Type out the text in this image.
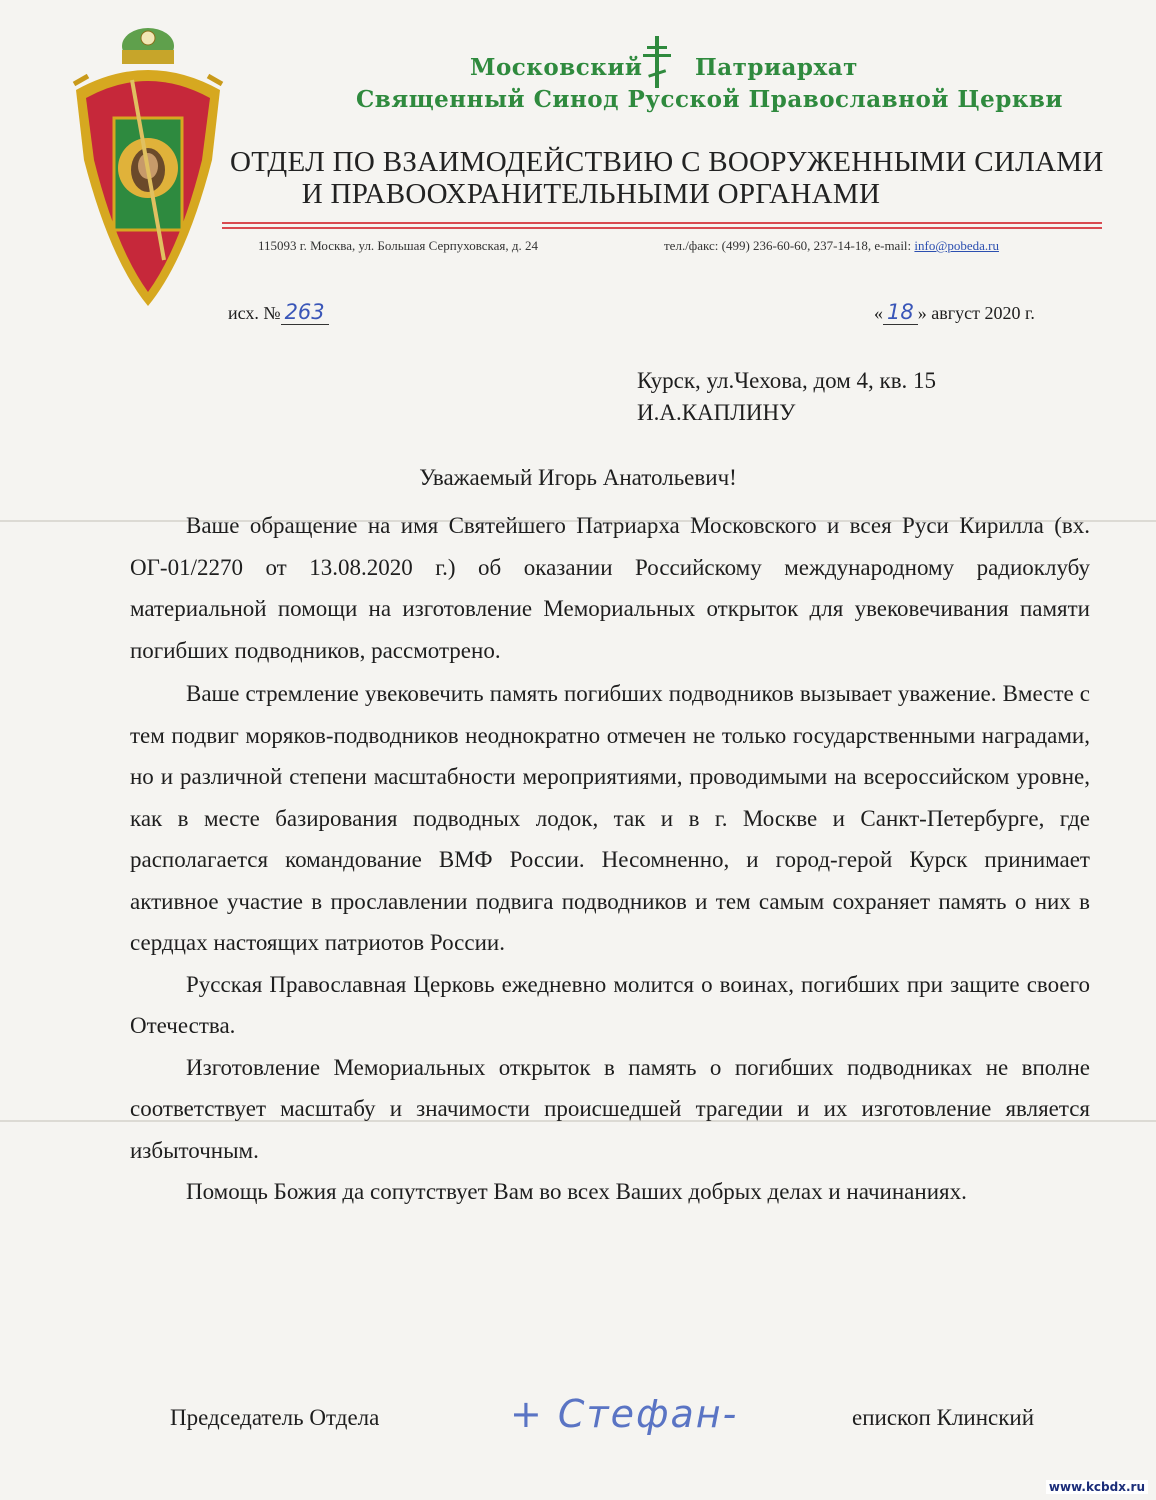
Московский Патриархат
Священный Синод Русской Православной Церкви
ОТДЕЛ ПО ВЗАИМОДЕЙСТВИЮ С ВООРУЖЕННЫМИ СИЛАМИ
И ПРАВООХРАНИТЕЛЬНЫМИ ОРГАНАМИ
115093 г. Москва, ул. Большая Серпуховская, д. 24	тел./факс: (499) 236-60-60, 237-14-18, e-mail: info@pobeda.ru
исх. № 263	« 18 » август 2020 г.
Курск, ул.Чехова, дом 4, кв. 15
И.А.КАПЛИНУ
Уважаемый Игорь Анатольевич!

Ваше обращение на имя Святейшего Патриарха Московского и всея Руси Кирилла (вх. ОГ-01/2270 от 13.08.2020 г.) об оказании Российскому международному радиоклубу материальной помощи на изготовление Мемориальных открыток для увековечивания памяти погибших подводников, рассмотрено.

Ваше стремление увековечить память погибших подводников вызывает уважение. Вместе с тем подвиг моряков-подводников неоднократно отмечен не только государственными наградами, но и различной степени масштабности мероприятиями, проводимыми на всероссийском уровне, как в месте базирования подводных лодок, так и в г. Москве и Санкт-Петербурге, где располагается командование ВМФ России. Несомненно, и город-герой Курск принимает активное участие в прославлении подвига подводников и тем самым сохраняет память о них в сердцах настоящих патриотов России.

Русская Православная Церковь ежедневно молится о воинах, погибших при защите своего Отечества.

Изготовление Мемориальных открыток в память о погибших подводниках не вполне соответствует масштабу и значимости происшедшей трагедии и их изготовление является избыточным.

Помощь Божия да сопутствует Вам во всех Ваших добрых делах и начинаниях.

Председатель Отдела	+ Стефан-	епископ Клинский
www.kcbdx.ru
